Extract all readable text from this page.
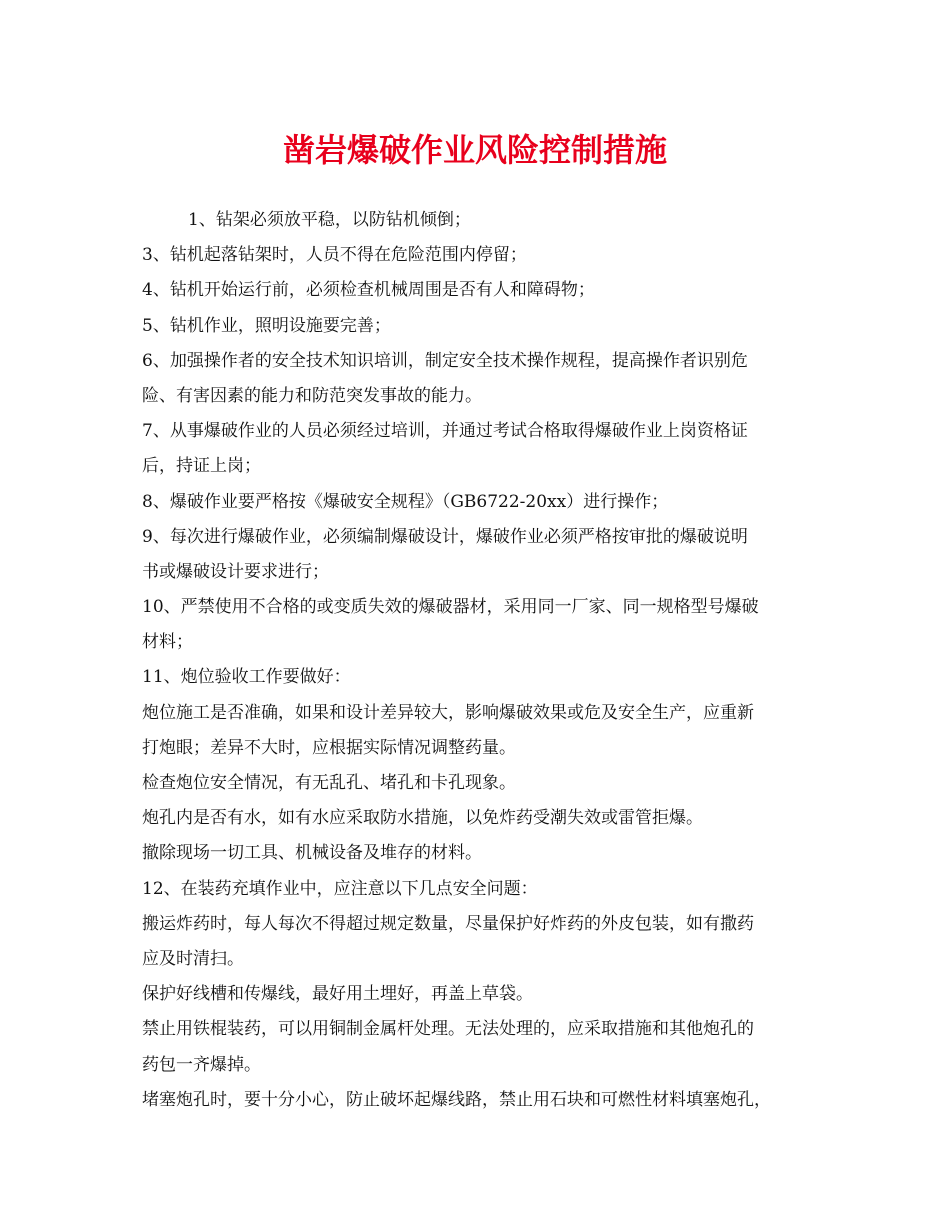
凿岩爆破作业风险控制措施
1、钻架必须放平稳，以防钻机倾倒；
3、钻机起落钻架时，人员不得在危险范围内停留；
4、钻机开始运行前，必须检查机械周围是否有人和障碍物；
5、钻机作业，照明设施要完善；
6、加强操作者的安全技术知识培训，制定安全技术操作规程，提高操作者识别危
险、有害因素的能力和防范突发事故的能力。
7、从事爆破作业的人员必须经过培训，并通过考试合格取得爆破作业上岗资格证
后，持证上岗；
8、爆破作业要严格按《爆破安全规程》（GB6722-20xx）进行操作；
9、每次进行爆破作业，必须编制爆破设计，爆破作业必须严格按审批的爆破说明
书或爆破设计要求进行；
10、严禁使用不合格的或变质失效的爆破器材，采用同一厂家、同一规格型号爆破
材料；
11、炮位验收工作要做好：
炮位施工是否准确，如果和设计差异较大，影响爆破效果或危及安全生产，应重新
打炮眼；差异不大时，应根据实际情况调整药量。
检查炮位安全情况，有无乱孔、堵孔和卡孔现象。
炮孔内是否有水，如有水应采取防水措施，以免炸药受潮失效或雷管拒爆。
撤除现场一切工具、机械设备及堆存的材料。
12、在装药充填作业中，应注意以下几点安全问题：
搬运炸药时，每人每次不得超过规定数量，尽量保护好炸药的外皮包装，如有撒药
应及时清扫。
保护好线槽和传爆线，最好用土埋好，再盖上草袋。
禁止用铁棍装药，可以用铜制金属杆处理。无法处理的，应采取措施和其他炮孔的
药包一齐爆掉。
堵塞炮孔时，要十分小心，防止破坏起爆线路，禁止用石块和可燃性材料填塞炮孔，
